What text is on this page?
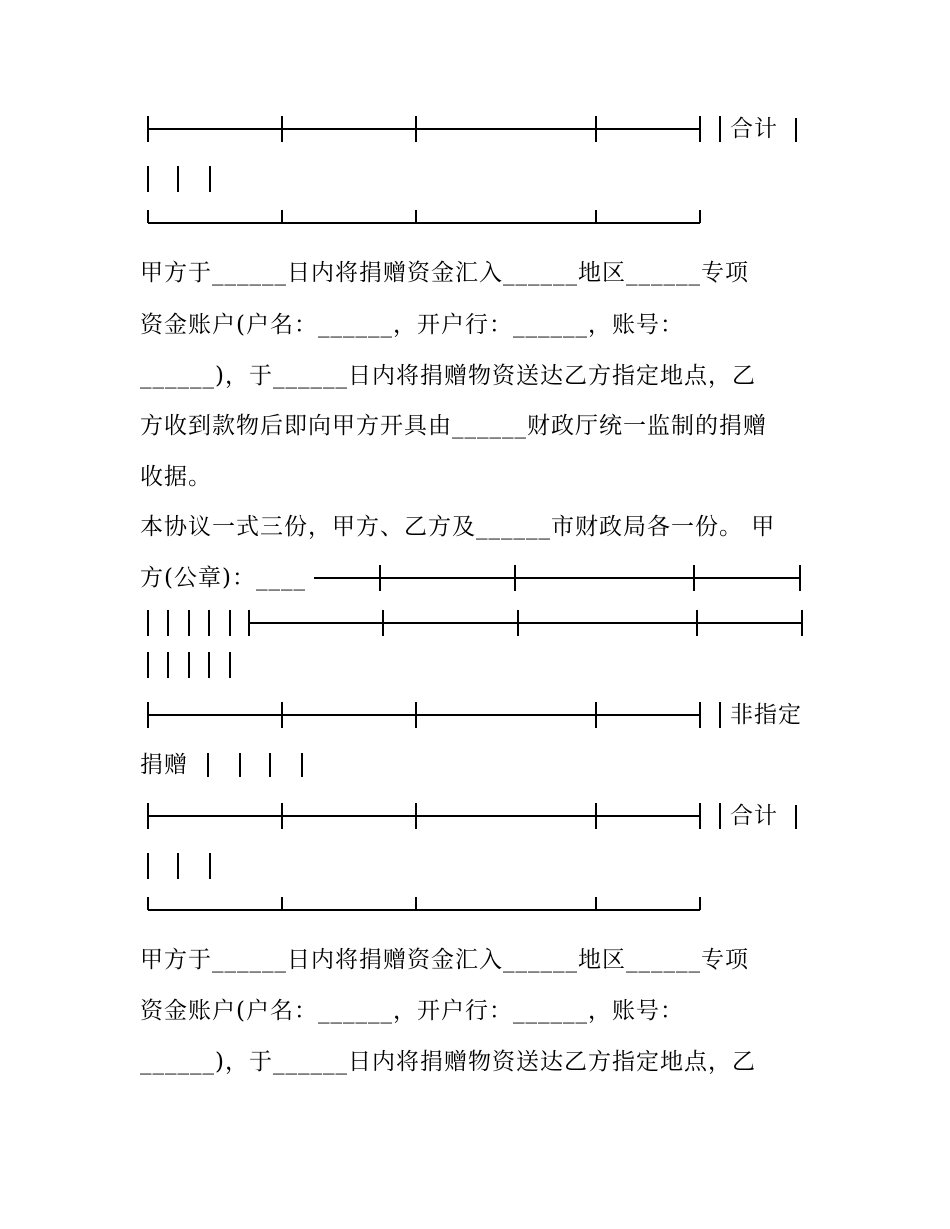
合计
甲方于______日内将捐赠资金汇入______地区______专项
资金账户(户名：______，开户行：______，账号：
______)，于______日内将捐赠物资送达乙方指定地点，乙
方收到款物后即向甲方开具由______财政厅统一监制的捐赠
收据。
本协议一式三份，甲方、乙方及______市财政局各一份。 甲
方(公章)：____
非指定
捐赠
合计
甲方于______日内将捐赠资金汇入______地区______专项
资金账户(户名：______，开户行：______，账号：
______)，于______日内将捐赠物资送达乙方指定地点，乙
